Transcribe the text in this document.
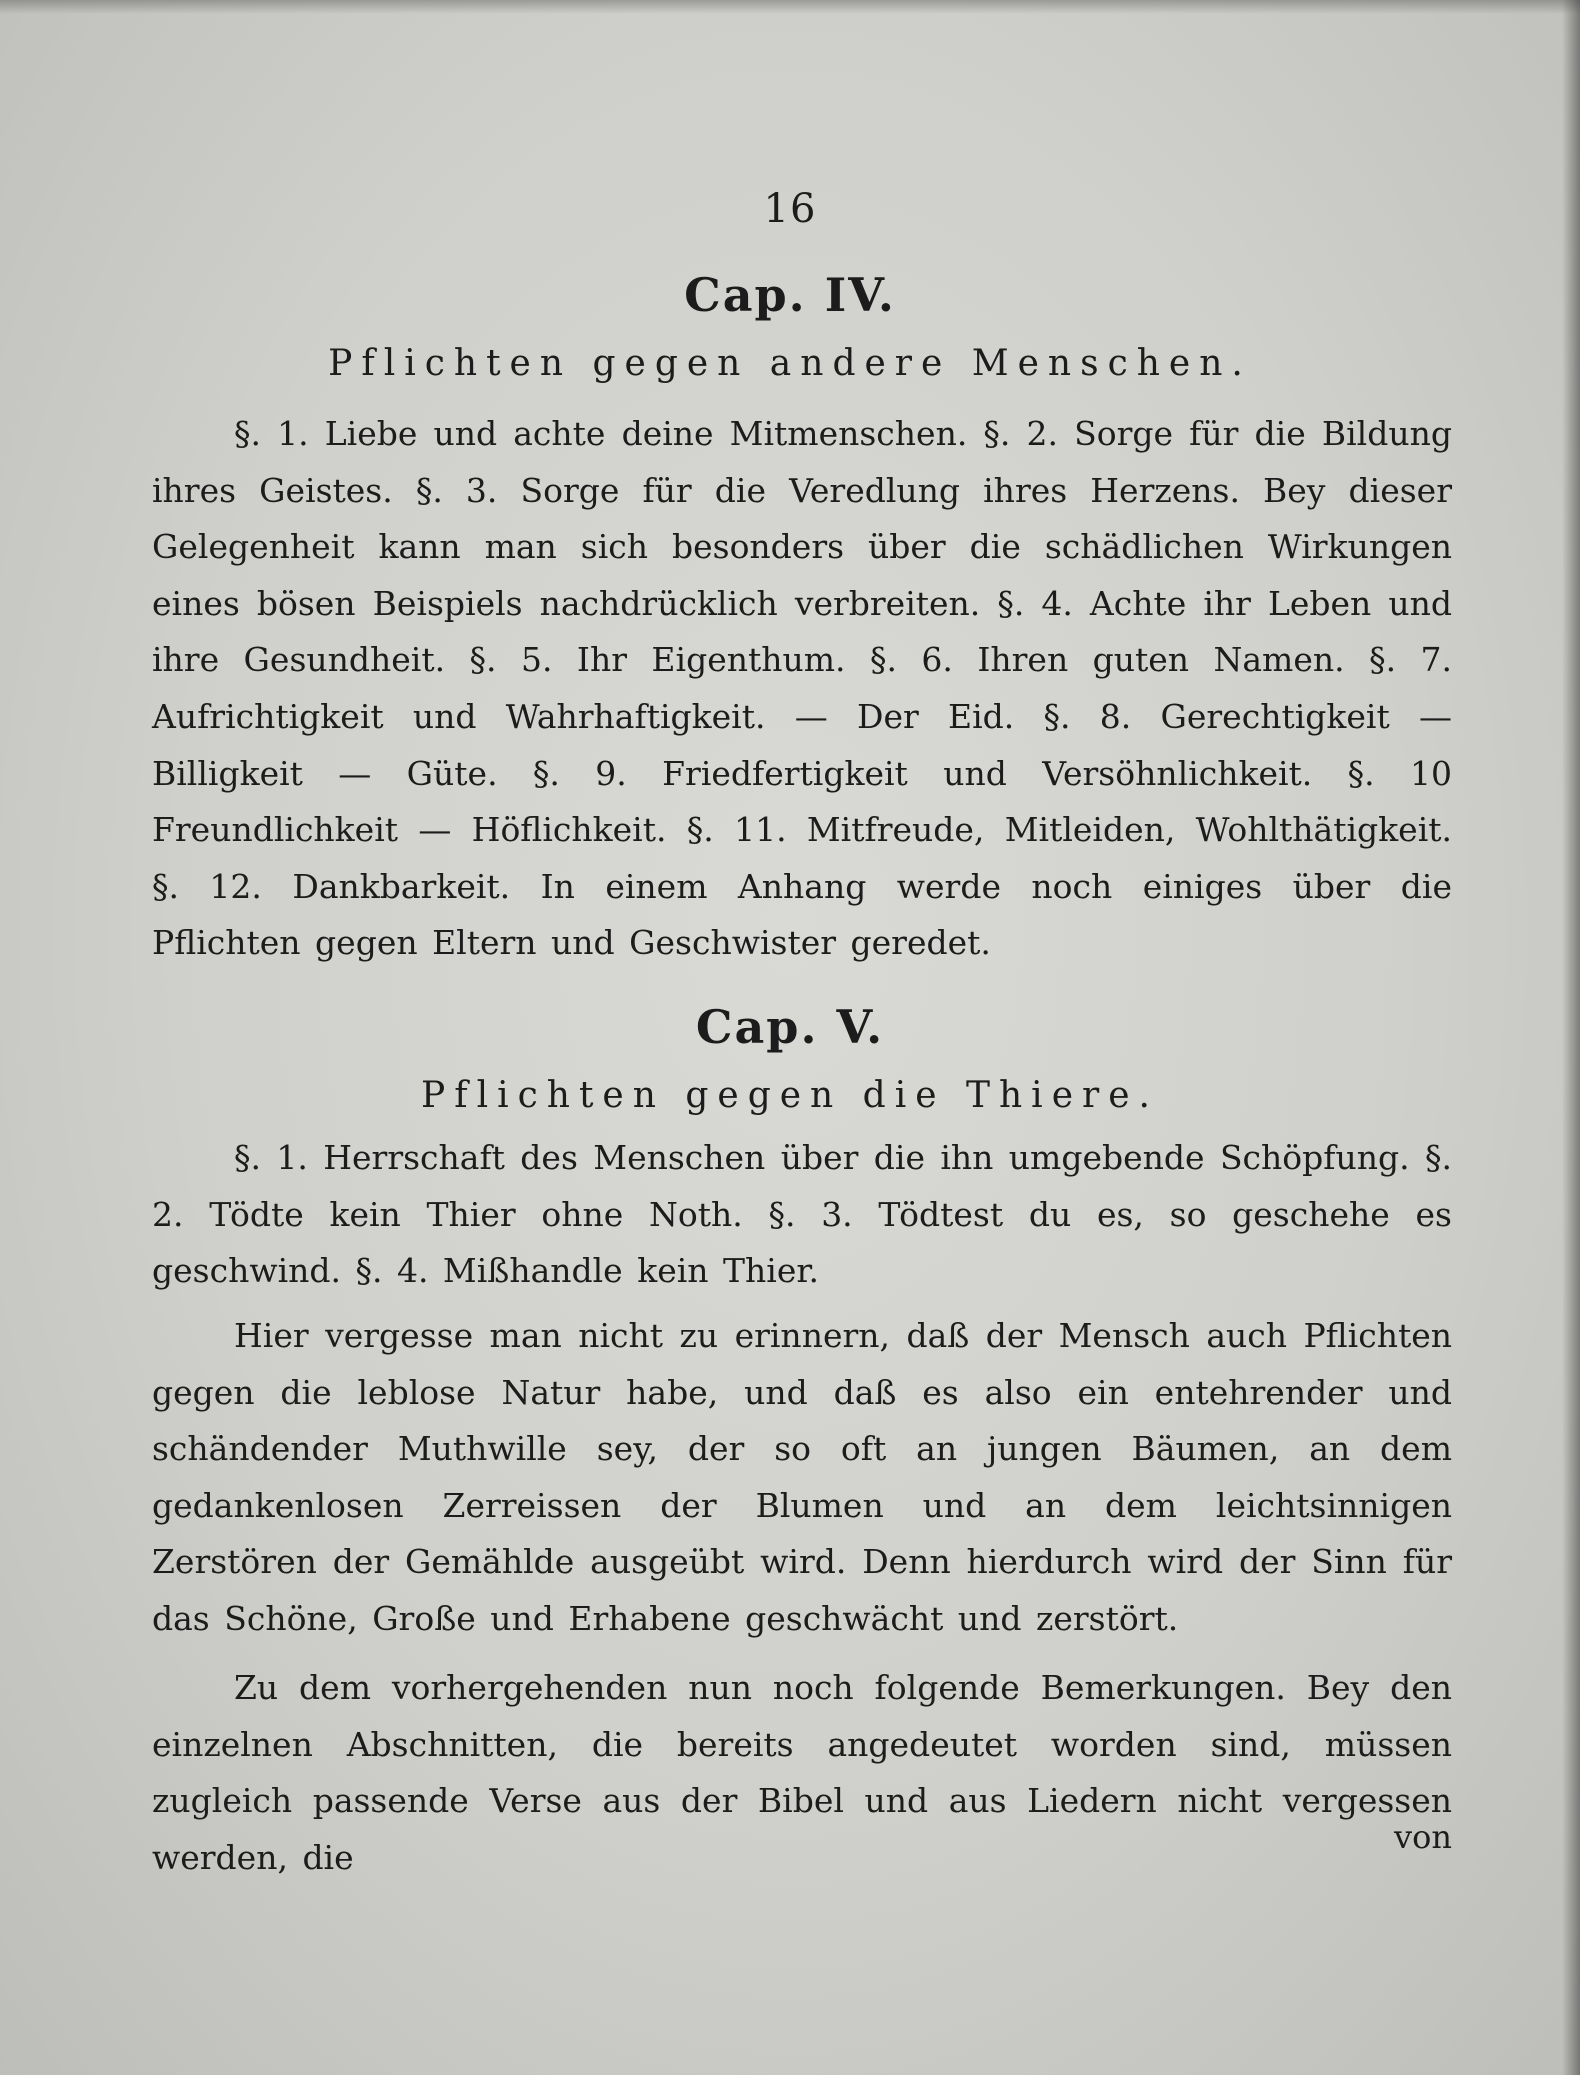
16
Cap. IV.
Pflichten gegen andere Menschen.
§. 1. Liebe und achte deine Mitmenschen. §. 2. Sorge für die Bildung ihres Geistes. §. 3. Sorge für die Veredlung ihres Herzens. Bey dieser Gelegenheit kann man sich besonders über die schädlichen Wirkungen eines bösen Beispiels nachdrücklich verbreiten. §. 4. Achte ihr Leben und ihre Gesundheit. §. 5. Ihr Eigenthum. §. 6. Ihren guten Namen. §. 7. Aufrichtigkeit und Wahrhaftigkeit. — Der Eid. §. 8. Gerechtigkeit — Billigkeit — Güte. §. 9. Friedfertigkeit und Versöhnlichkeit. §. 10 Freundlichkeit — Höflichkeit. §. 11. Mitfreude, Mitleiden, Wohlthätigkeit. §. 12. Dankbarkeit. In einem Anhang werde noch einiges über die Pflichten gegen Eltern und Geschwister geredet.
Cap. V.
Pflichten gegen die Thiere.
§. 1. Herrschaft des Menschen über die ihn umgebende Schöpfung. §. 2. Tödte kein Thier ohne Noth. §. 3. Tödtest du es, so geschehe es geschwind. §. 4. Mißhandle kein Thier.
Hier vergesse man nicht zu erinnern, daß der Mensch auch Pflichten gegen die leblose Natur habe, und daß es also ein entehrender und schändender Muthwille sey, der so oft an jungen Bäumen, an dem gedankenlosen Zerreissen der Blumen und an dem leichtsinnigen Zerstören der Gemählde ausgeübt wird. Denn hierdurch wird der Sinn für das Schöne, Große und Erhabene geschwächt und zerstört.
Zu dem vorhergehenden nun noch folgende Bemerkungen. Bey den einzelnen Abschnitten, die bereits angedeutet worden sind, müssen zugleich passende Verse aus der Bibel und aus Liedern nicht vergessen werden, die
von
